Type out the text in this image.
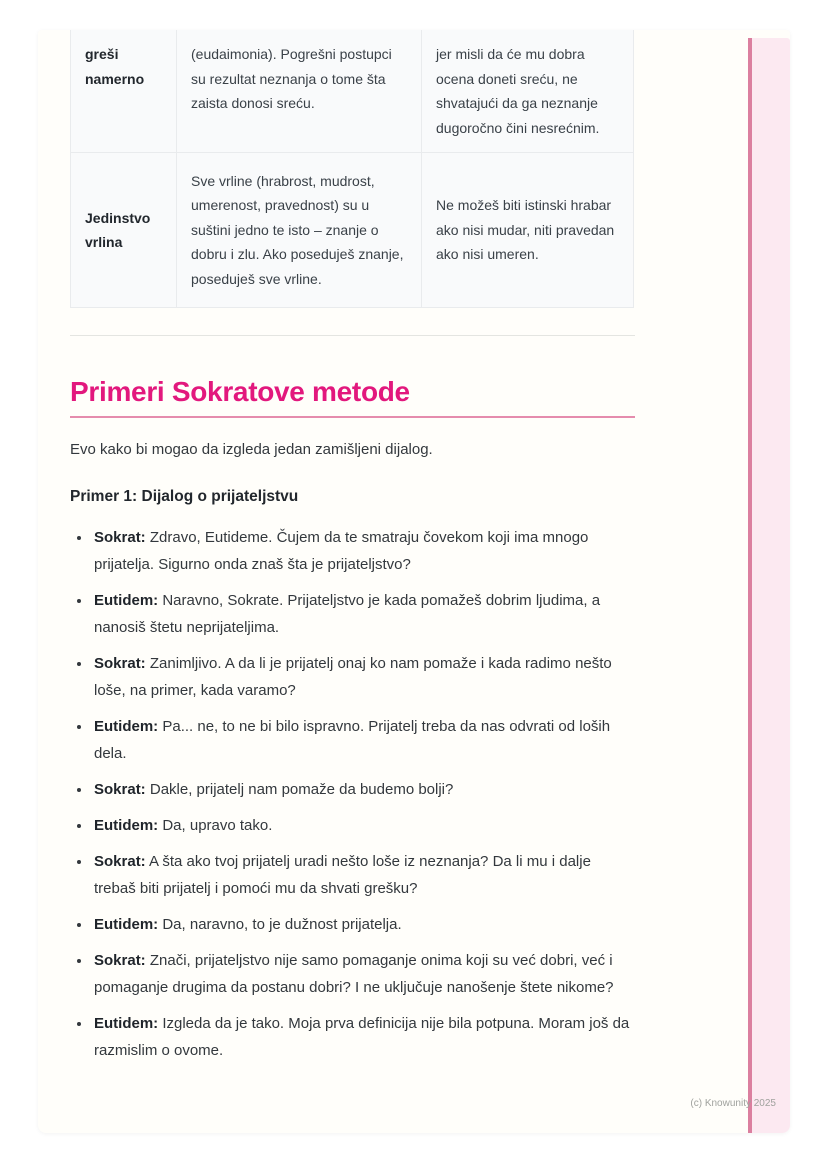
greši namerno	(eudaimonia). Pogrešni postupci su rezultat neznanja o tome šta zaista donosi sreću.	jer misli da će mu dobra ocena doneti sreću, ne shvatajući da ga neznanje dugoročno čini nesrećnim.
Jedinstvo vrlina	Sve vrline (hrabrost, mudrost, umerenost, pravednost) su u suštini jedno te isto – znanje o dobru i zlu. Ako poseduješ znanje, poseduješ sve vrline.	Ne možeš biti istinski hrabar ako nisi mudar, niti pravedan ako nisi umeren.
Primeri Sokratove metode

Evo kako bi mogao da izgleda jedan zamišljeni dijalog.

Primer 1: Dijalog o prijateljstvu

• Sokrat: Zdravo, Eutideme. Čujem da te smatraju čovekom koji ima mnogo prijatelja. Sigurno onda znaš šta je prijateljstvo?
• Eutidem: Naravno, Sokrate. Prijateljstvo je kada pomažeš dobrim ljudima, a nanosiš štetu neprijateljima.
• Sokrat: Zanimljivo. A da li je prijatelj onaj ko nam pomaže i kada radimo nešto loše, na primer, kada varamo?
• Eutidem: Pa... ne, to ne bi bilo ispravno. Prijatelj treba da nas odvrati od loših dela.
• Sokrat: Dakle, prijatelj nam pomaže da budemo bolji?
• Eutidem: Da, upravo tako.
• Sokrat: A šta ako tvoj prijatelj uradi nešto loše iz neznanja? Da li mu i dalje trebaš biti prijatelj i pomoći mu da shvati grešku?
• Eutidem: Da, naravno, to je dužnost prijatelja.
• Sokrat: Znači, prijateljstvo nije samo pomaganje onima koji su već dobri, već i pomaganje drugima da postanu dobri? I ne uključuje nanošenje štete nikome?
• Eutidem: Izgleda da je tako. Moja prva definicija nije bila potpuna. Moram još da razmislim o ovome.
(c) Knowunity 2025
